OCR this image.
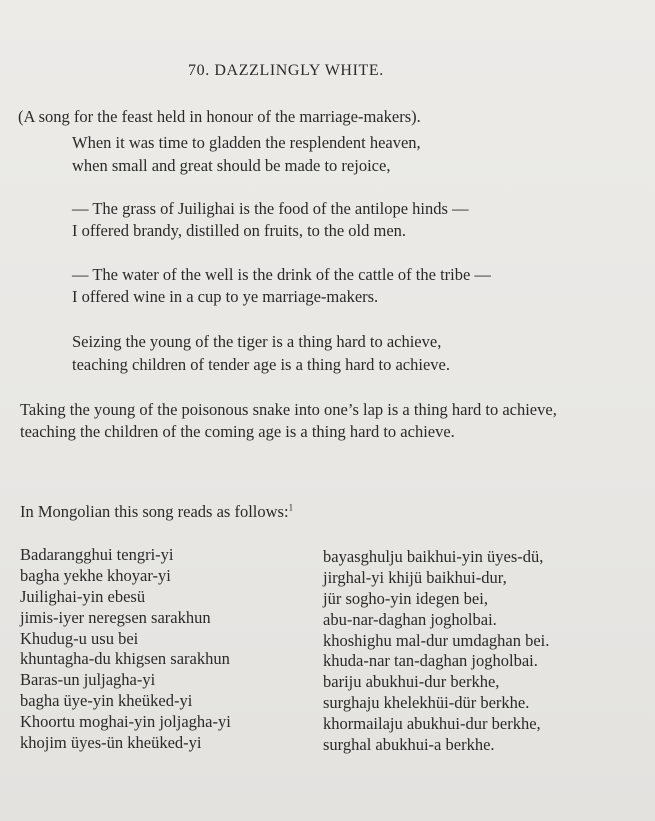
70. DAZZLINGLY WHITE.
(A song for the feast held in honour of the marriage-makers).
When it was time to gladden the resplendent heaven,
when small and great should be made to rejoice,
— The grass of Juilighai is the food of the antilope hinds —
I offered brandy, distilled on fruits, to the old men.
— The water of the well is the drink of the cattle of the tribe —
I offered wine in a cup to ye marriage-makers.
Seizing the young of the tiger is a thing hard to achieve,
teaching children of tender age is a thing hard to achieve.
Taking the young of the poisonous snake into one’s lap is a thing hard to achieve,
teaching the children of the coming age is a thing hard to achieve.
In Mongolian this song reads as follows:$^1$
Badarangghui tengri-yi
bagha yekhe khoyar-yi
Juilighai-yin ebesü
jimis-iyer neregsen sarakhun
Khudug-u usu bei
khuntagha-du khigsen sarakhun
Baras-un juljagha-yi
bagha üye-yin kheüked-yi
Khoortu moghai-yin joljagha-yi
khojim üyes-ün kheüked-yi
bayasghulju baikhui-yin üyes-dü,
jirghal-yi khijü baikhui-dur,
jür sogho-yin idegen bei,
abu-nar-daghan jogholbai.
khoshighu mal-dur umdaghan bei.
khuda-nar tan-daghan jogholbai.
bariju abukhui-dur berkhe,
surghaju khelekhüi-dür berkhe.
khormailaju abukhui-dur berkhe,
surghal abukhui-a berkhe.
